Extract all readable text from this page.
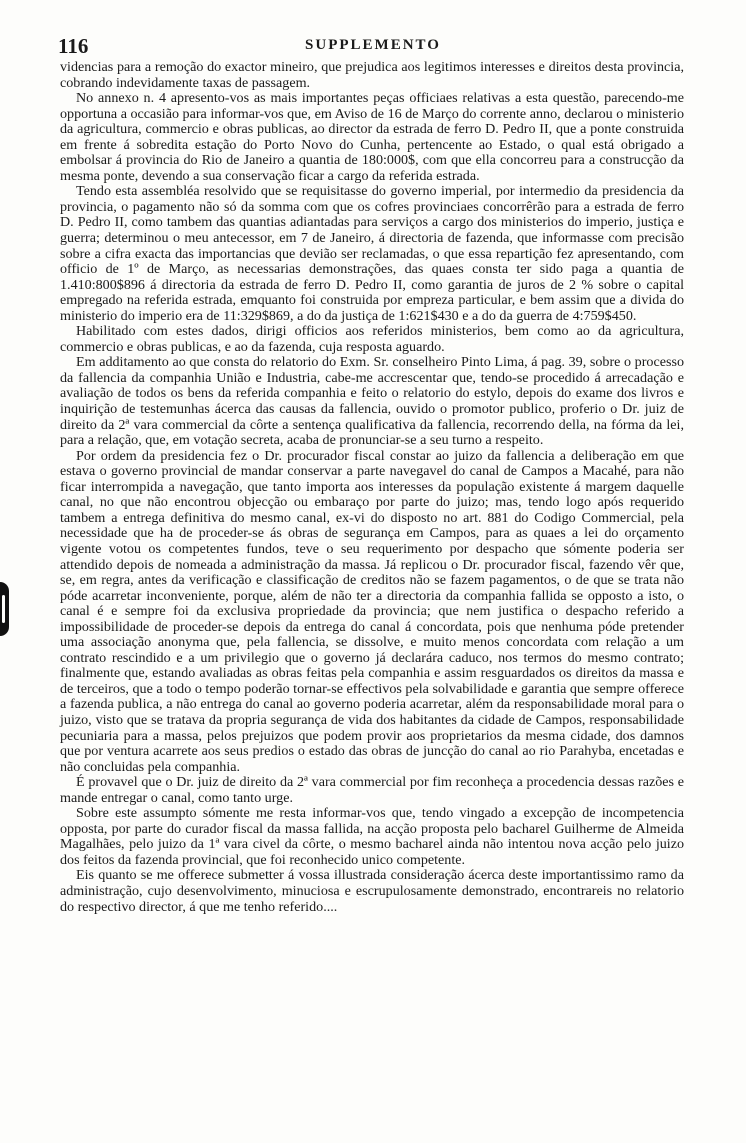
116	SUPPLEMENTO

videncias para a remoção do exactor mineiro, que prejudica aos legitimos interesses e direitos desta provincia, cobrando indevidamente taxas de passagem.

No annexo n. 4 apresento-vos as mais importantes peças officiaes relativas a esta questão, parecendo-me opportuna a occasião para informar-vos que, em Aviso de 16 de Março do corrente anno, declarou o ministerio da agricultura, commercio e obras publicas, ao director da estrada de ferro D. Pedro II, que a ponte construida em frente á sobredita estação do Porto Novo do Cunha, pertencente ao Estado, o qual está obrigado a embolsar á provincia do Rio de Janeiro a quantia de 180:000$, com que ella concorreu para a construcção da mesma ponte, devendo a sua conservação ficar a cargo da referida estrada.

Tendo esta assembléa resolvido que se requisitasse do governo imperial, por intermedio da presidencia da provincia, o pagamento não só da somma com que os cofres provinciaes concorrêrão para a estrada de ferro D. Pedro II, como tambem das quantias adiantadas para serviços a cargo dos ministerios do imperio, justiça e guerra; determinou o meu antecessor, em 7 de Janeiro, á directoria de fazenda, que informasse com precisão sobre a cifra exacta das importancias que devião ser reclamadas, o que essa repartição fez apresentando, com officio de 1º de Março, as necessarias demonstrações, das quaes consta ter sido paga a quantia de 1.410:800$896 á directoria da estrada de ferro D. Pedro II, como garantia de juros de 2 % sobre o capital empregado na referida estrada, emquanto foi construida por empreza particular, e bem assim que a divida do ministerio do imperio era de 11:329$869, a do da justiça de 1:621$430 e a do da guerra de 4:759$450.

Habilitado com estes dados, dirigi officios aos referidos ministerios, bem como ao da agricultura, commercio e obras publicas, e ao da fazenda, cuja resposta aguardo.

Em additamento ao que consta do relatorio do Exm. Sr. conselheiro Pinto Lima, á pag. 39, sobre o processo da fallencia da companhia União e Industria, cabe-me accrescentar que, tendo-se procedido á arrecadação e avaliação de todos os bens da referida companhia e feito o relatorio do estylo, depois do exame dos livros e inquirição de testemunhas ácerca das causas da fallencia, ouvido o promotor publico, proferio o Dr. juiz de direito da 2ª vara commercial da côrte a sentença qualificativa da fallencia, recorrendo della, na fórma da lei, para a relação, que, em votação secreta, acaba de pronunciar-se a seu turno a respeito.

Por ordem da presidencia fez o Dr. procurador fiscal constar ao juizo da fallencia a deliberação em que estava o governo provincial de mandar conservar a parte navegavel do canal de Campos a Macahé, para não ficar interrompida a navegação, que tanto importa aos interesses da população existente á margem daquelle canal, no que não encontrou objecção ou embaraço por parte do juizo; mas, tendo logo após requerido tambem a entrega definitiva do mesmo canal, ex-vi do disposto no art. 881 do Codigo Commercial, pela necessidade que ha de proceder-se ás obras de segurança em Campos, para as quaes a lei do orçamento vigente votou os competentes fundos, teve o seu requerimento por despacho que sómente poderia ser attendido depois de nomeada a administração da massa. Já replicou o Dr. procurador fiscal, fazendo vêr que, se, em regra, antes da verificação e classificação de creditos não se fazem pagamentos, o de que se trata não póde acarretar inconveniente, porque, além de não ter a directoria da companhia fallida se opposto a isto, o canal é e sempre foi da exclusiva propriedade da provincia; que nem justifica o despacho referido a impossibilidade de proceder-se depois da entrega do canal á concordata, pois que nenhuma póde pretender uma associação anonyma que, pela fallencia, se dissolve, e muito menos concordata com relação a um contrato rescindido e a um privilegio que o governo já declarára caduco, nos termos do mesmo contrato; finalmente que, estando avaliadas as obras feitas pela companhia e assim resguardados os direitos da massa e de terceiros, que a todo o tempo poderão tornar-se effectivos pela solvabilidade e garantia que sempre offerece a fazenda publica, a não entrega do canal ao governo poderia acarretar, além da responsabilidade moral para o juizo, visto que se tratava da propria segurança de vida dos habitantes da cidade de Campos, responsabilidade pecuniaria para a massa, pelos prejuizos que podem provir aos proprietarios da mesma cidade, dos damnos que por ventura acarrete aos seus predios o estado das obras de juncção do canal ao rio Parahyba, encetadas e não concluidas pela companhia.

É provavel que o Dr. juiz de direito da 2ª vara commercial por fim reconheça a procedencia dessas razões e mande entregar o canal, como tanto urge.

Sobre este assumpto sómente me resta informar-vos que, tendo vingado a excepção de incompetencia opposta, por parte do curador fiscal da massa fallida, na acção proposta pelo bacharel Guilherme de Almeida Magalhães, pelo juizo da 1ª vara civel da côrte, o mesmo bacharel ainda não intentou nova acção pelo juizo dos feitos da fazenda provincial, que foi reconhecido unico competente.

Eis quanto se me offerece submetter á vossa illustrada consideração ácerca deste importantissimo ramo da administração, cujo desenvolvimento, minuciosa e escrupulosamente demonstrado, encontrareis no relatorio do respectivo director, á que me tenho referido....
